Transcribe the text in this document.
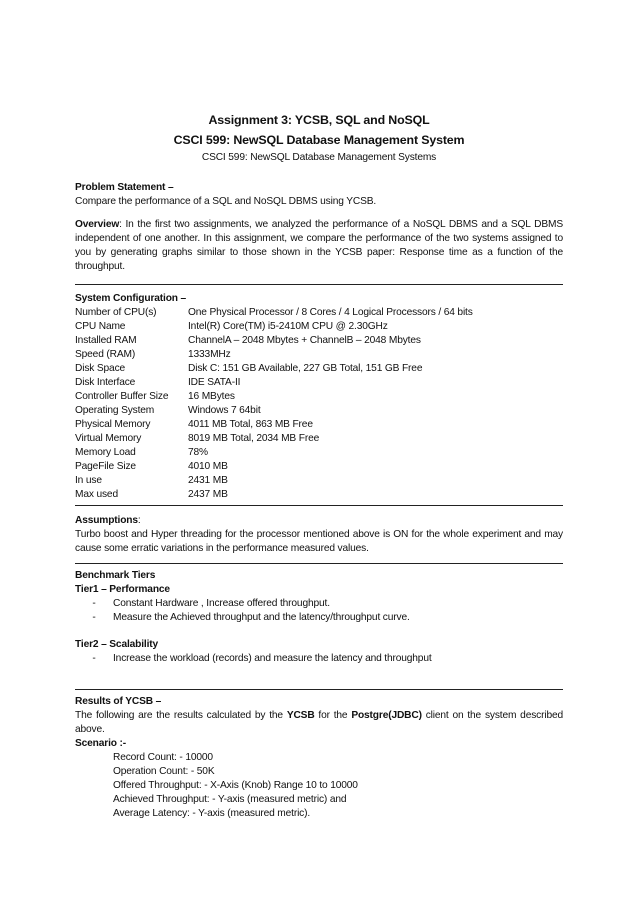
Assignment 3: YCSB, SQL and NoSQL
CSCI 599: NewSQL Database Management System
CSCI 599: NewSQL Database Management Systems
Problem Statement –
Compare the performance of a SQL and NoSQL DBMS using YCSB.
Overview: In the first two assignments, we analyzed the performance of a NoSQL DBMS and a SQL DBMS independent of one another. In this assignment, we compare the performance of the two systems assigned to you by generating graphs similar to those shown in the YCSB paper: Response time as a function of the throughput.
System Configuration –
Number of CPU(s)	One Physical Processor / 8 Cores / 4 Logical Processors / 64 bits
CPU Name	Intel(R) Core(TM) i5-2410M CPU @ 2.30GHz
Installed RAM	ChannelA – 2048 Mbytes + ChannelB – 2048 Mbytes
Speed (RAM)	1333MHz
Disk Space	Disk C: 151 GB Available, 227 GB Total, 151 GB Free
Disk Interface	IDE SATA-II
Controller Buffer Size	16 MBytes
Operating System	Windows 7 64bit
Physical Memory	4011 MB Total, 863 MB Free
Virtual Memory	8019 MB Total, 2034 MB Free
Memory Load	78%
PageFile Size	4010 MB
In use	2431 MB
Max used	2437 MB
Assumptions:
Turbo boost and Hyper threading for the processor mentioned above is ON for the whole experiment and may cause some erratic variations in the performance measured values.
Benchmark Tiers
Tier1 – Performance
-	Constant Hardware , Increase offered throughput.
-	Measure the Achieved throughput and the latency/throughput curve.
Tier2 – Scalability
-	Increase the workload (records) and measure the latency and throughput
Results of YCSB –
The following are the results calculated by the YCSB for the Postgre(JDBC) client on the system described above.
Scenario :-
Record Count: - 10000
Operation Count: - 50K
Offered Throughput: - X-Axis (Knob) Range 10 to 10000
Achieved Throughput: - Y-axis (measured metric) and
Average Latency: - Y-axis (measured metric).
